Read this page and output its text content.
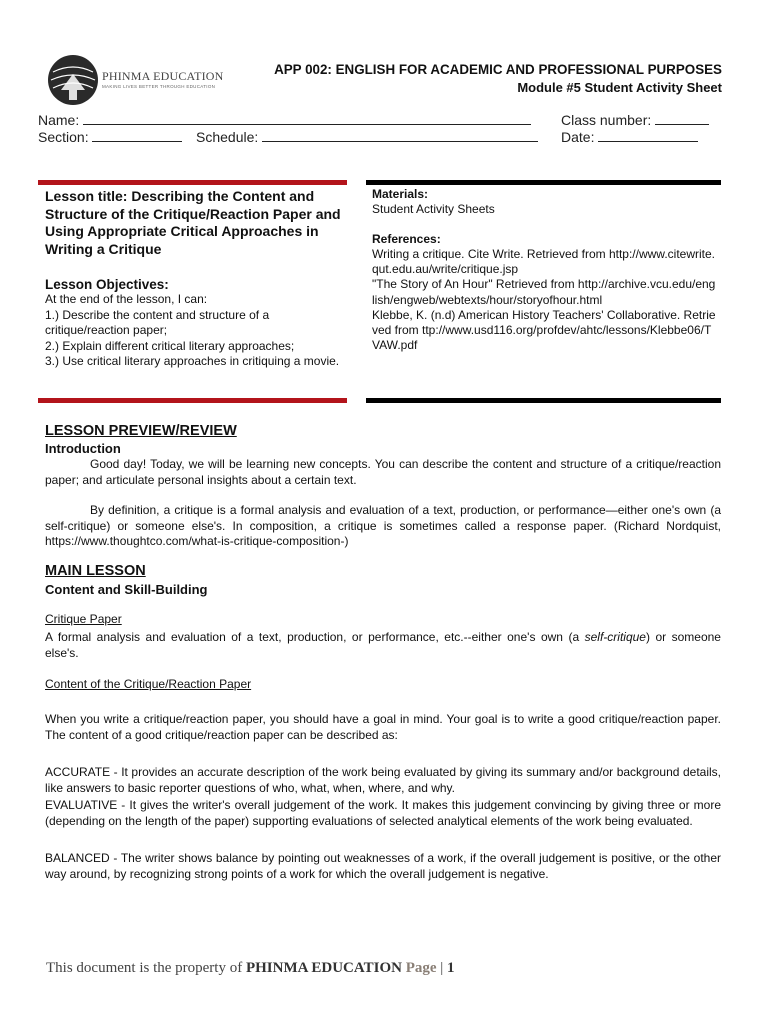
PHINMA EDUCATION
MAKING LIVES BETTER THROUGH EDUCATION
APP 002: ENGLISH FOR ACADEMIC AND PROFESSIONAL PURPOSES
Module #5 Student Activity Sheet
Name:	Class number:
Section:	Schedule:	Date:
Lesson title: Describing the Content and Structure of the Critique/Reaction Paper and Using Appropriate Critical Approaches in Writing a Critique
Lesson Objectives:
At the end of the lesson, I can:
1.) Describe the content and structure of a critique/reaction paper;
2.) Explain different critical literary approaches;
3.) Use critical literary approaches in critiquing a movie.
Materials:
Student Activity Sheets
References:
Writing a critique. Cite Write. Retrieved from http://www.citewrite.qut.edu.au/write/critique.jsp
"The Story of An Hour" Retrieved from http://archive.vcu.edu/english/engweb/webtexts/hour/storyofhour.html
Klebbe, K. (n.d) American History Teachers' Collaborative. Retrieved from ttp://www.usd116.org/profdev/ahtc/lessons/Klebbe06/TVAW.pdf
LESSON PREVIEW/REVIEW
Introduction
Good day! Today, we will be learning new concepts. You can describe the content and structure of a critique/reaction paper; and articulate personal insights about a certain text.
By definition, a critique is a formal analysis and evaluation of a text, production, or performance—either one's own (a self-critique) or someone else's. In composition, a critique is sometimes called a response paper. (Richard Nordquist, https://www.thoughtco.com/what-is-critique-composition-)
MAIN LESSON
Content and Skill-Building
Critique Paper
A formal analysis and evaluation of a text, production, or performance, etc.--either one's own (a self-critique) or someone else's.
Content of the Critique/Reaction Paper
When you write a critique/reaction paper, you should have a goal in mind. Your goal is to write a good critique/reaction paper. The content of a good critique/reaction paper can be described as:
ACCURATE - It provides an accurate description of the work being evaluated by giving its summary and/or background details, like answers to basic reporter questions of who, what, when, where, and why.
EVALUATIVE - It gives the writer's overall judgement of the work. It makes this judgement convincing by giving three or more (depending on the length of the paper) supporting evaluations of selected analytical elements of the work being evaluated.
BALANCED - The writer shows balance by pointing out weaknesses of a work, if the overall judgement is positive, or the other way around, by recognizing strong points of a work for which the overall judgement is negative.
This document is the property of PHINMA EDUCATION Page | 1
